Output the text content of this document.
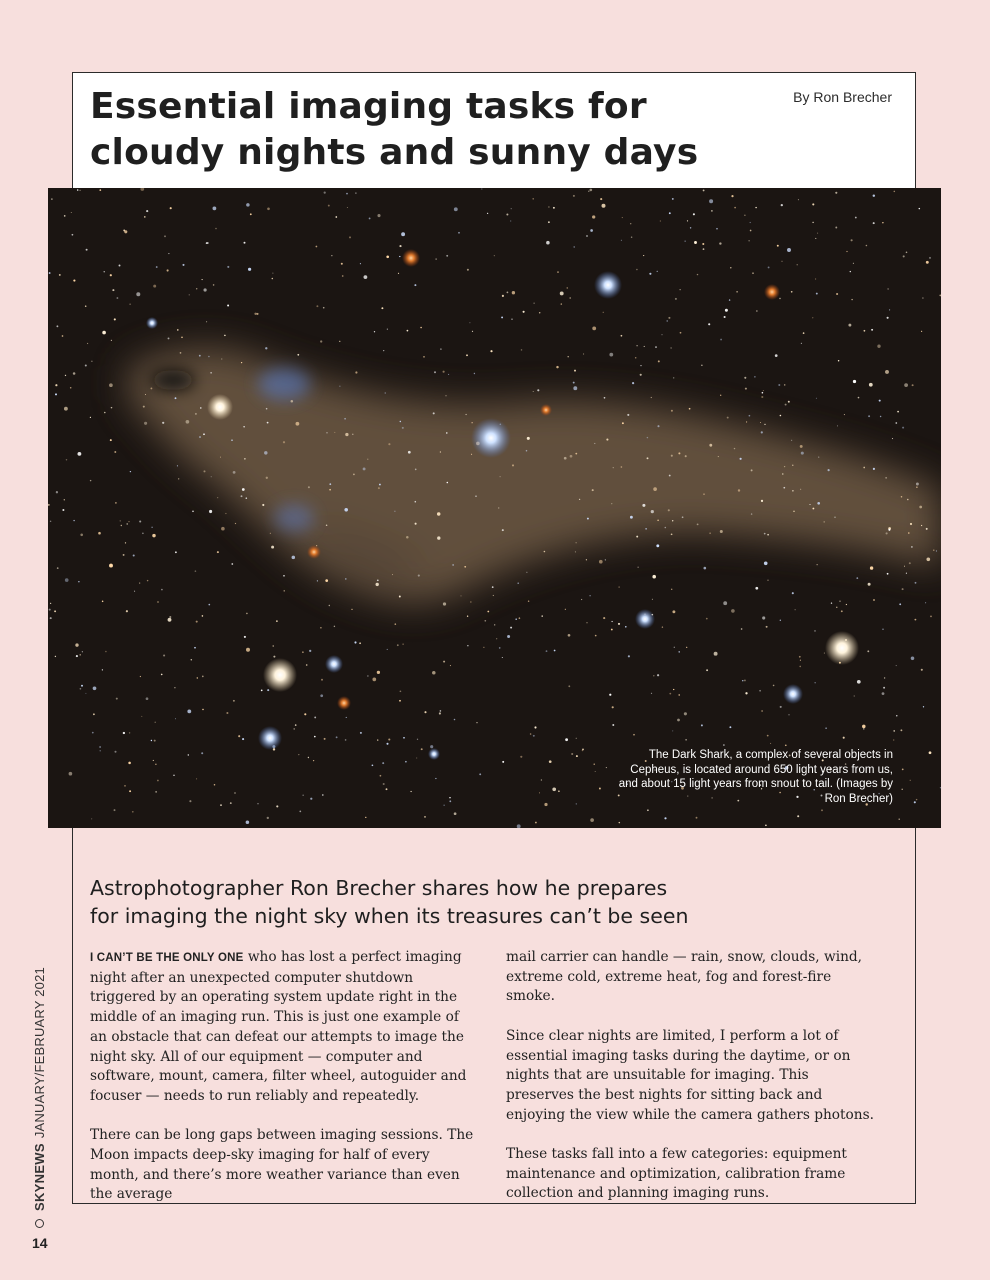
Essential imaging tasks for
cloudy nights and sunny days
By Ron Brecher
The Dark Shark, a complex of several objects in Cepheus, is located around 650 light years from us, and about 15 light years from snout to tail. (Images by Ron Brecher)
Astrophotographer Ron Brecher shares how he prepares
for imaging the night sky when its treasures can’t be seen

I CAN’T BE THE ONLY ONE who has lost a perfect imaging night after an unexpected computer shutdown triggered by an operating system update right in the middle of an imaging run. This is just one example of an obstacle that can defeat our attempts to image the night sky. All of our equipment — computer and software, mount, camera, filter wheel, autoguider and focuser — needs to run reliably and repeatedly.

There can be long gaps between imaging sessions. The Moon impacts deep-sky imaging for half of every month, and there’s more weather variance than even the average

mail carrier can handle — rain, snow, clouds, wind, extreme cold, extreme heat, fog and forest-fire smoke.

Since clear nights are limited, I perform a lot of essential imaging tasks during the daytime, or on nights that are unsuitable for imaging. This preserves the best nights for sitting back and enjoying the view while the camera gathers photons.

These tasks fall into a few categories: equipment maintenance and optimization, calibration frame collection and planning imaging runs.

SKYNEWS
JANUARY/FEBRUARY 2021
14
